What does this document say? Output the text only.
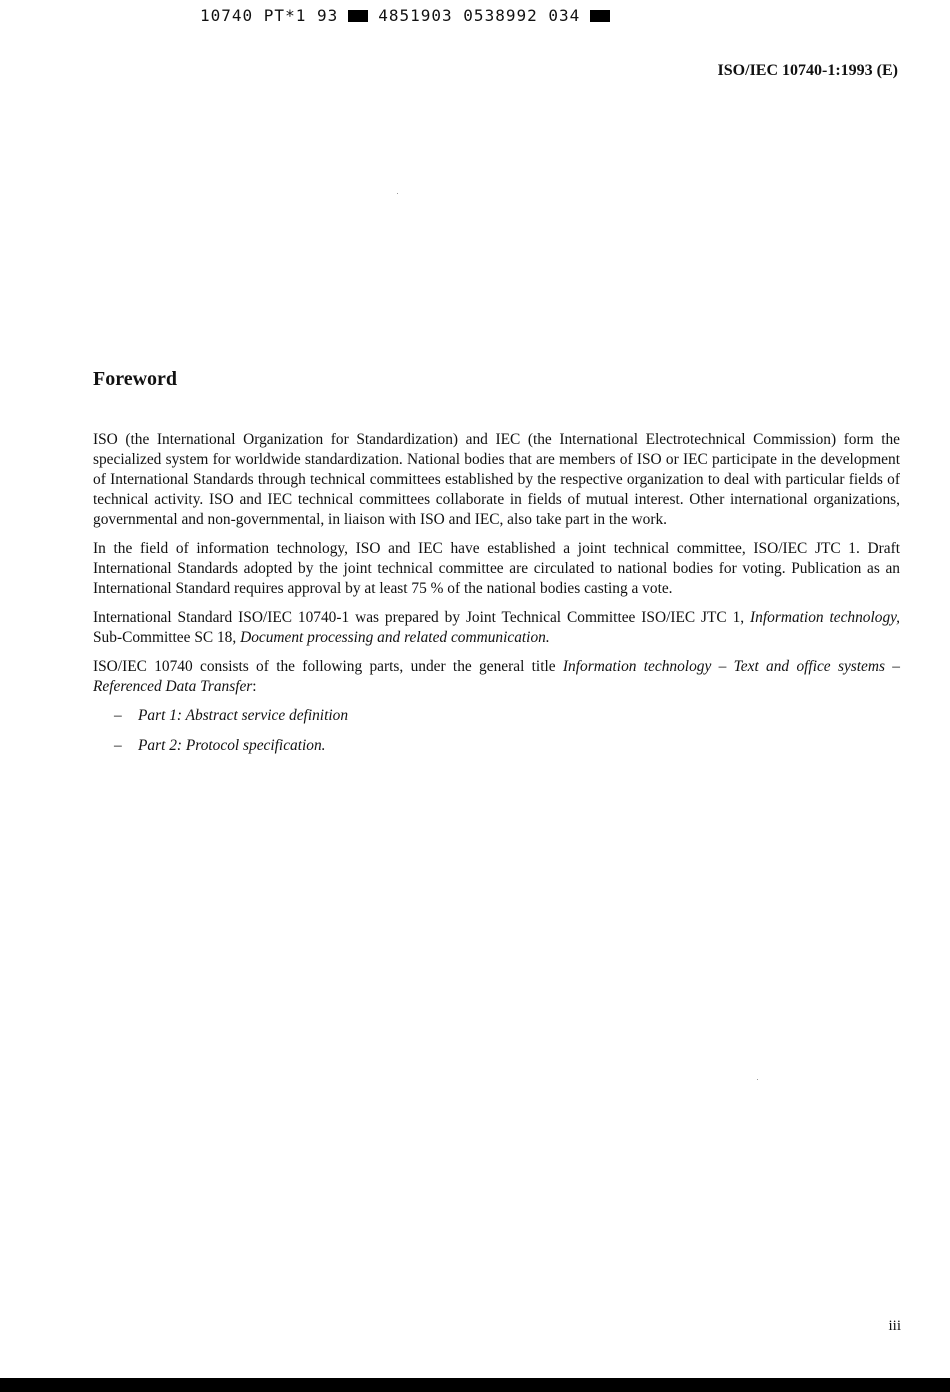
10740 PT*1 93	4851903 0538992 034
ISO/IEC 10740-1:1993 (E)
Foreword

ISO (the International Organization for Standardization) and IEC (the International Electrotechnical Commission) form the specialized system for worldwide standardization. National bodies that are members of ISO or IEC participate in the development of International Standards through technical committees established by the respective organization to deal with particular fields of technical activity. ISO and IEC technical committees collaborate in fields of mutual interest. Other international organizations, governmental and non-governmental, in liaison with ISO and IEC, also take part in the work.

In the field of information technology, ISO and IEC have established a joint technical committee, ISO/IEC JTC 1. Draft International Standards adopted by the joint technical committee are circulated to national bodies for voting. Publication as an International Standard requires approval by at least 75 % of the national bodies casting a vote.

International Standard ISO/IEC 10740-1 was prepared by Joint Technical Committee ISO/IEC JTC 1, Information technology, Sub-Committee SC 18, Document processing and related communication.

ISO/IEC 10740 consists of the following parts, under the general title Information technology – Text and office systems – Referenced Data Transfer:

– Part 1: Abstract service definition
– Part 2: Protocol specification.
iii
